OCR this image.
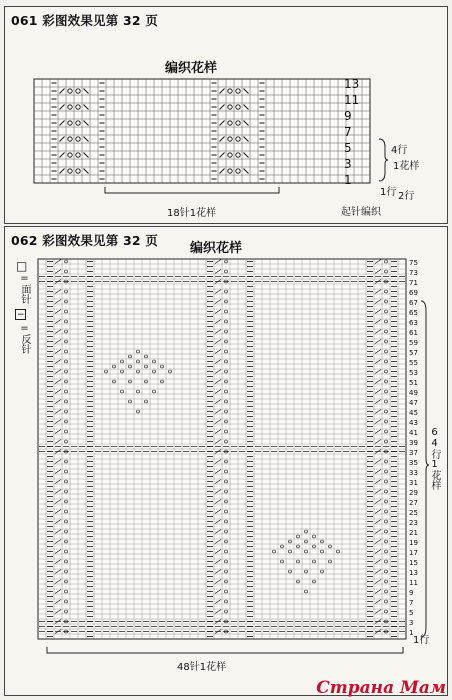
061 彩图效果见第 32 页
编织花样
13
11
9
7
5
3
1
4行
1花样
1行 2行
18针1花样	起针编织
062 彩图效果见第 32 页
编织花样
□
=面针
−
=反针
75
73
71
69
67
65
63
61
59
57
55
53
51
49
47
45
43
41
39
37
35
33
31
29
27
25
23
21
19
17
15
13
11
9
7
5
3
1
64行1花样
1行
48针1花样
Страна Мам
